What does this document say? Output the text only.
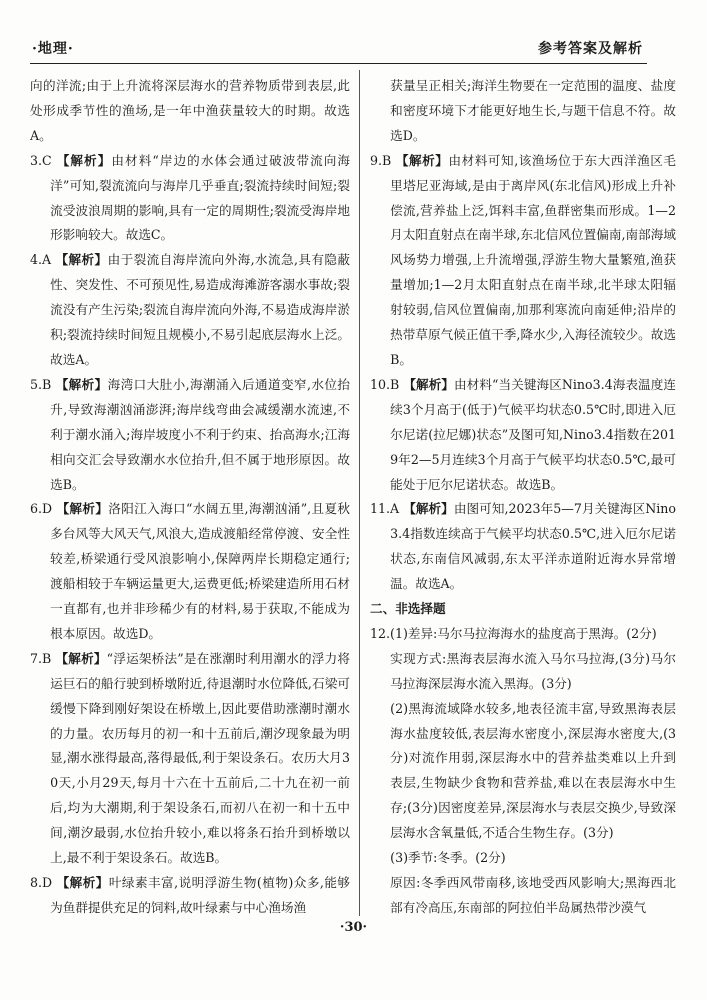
·地理·	参考答案及解析

向的洋流;由于上升流将深层海水的营养物质带到表层,此处形成季节性的渔场,是一年中渔获量较大的时期。故选A。

3.C 【解析】由材料“岸边的水体会通过破波带流向海洋”可知,裂流流向与海岸几乎垂直;裂流持续时间短;裂流受波浪周期的影响,具有一定的周期性;裂流受海岸地形影响较大。故选C。

4.A 【解析】由于裂流自海岸流向外海,水流急,具有隐蔽性、突发性、不可预见性,易造成海滩游客溺水事故;裂流没有产生污染;裂流自海岸流向外海,不易造成海岸淤积;裂流持续时间短且规模小,不易引起底层海水上泛。故选A。

5.B 【解析】海湾口大肚小,海潮涌入后通道变窄,水位抬升,导致海潮汹涌澎湃;海岸线弯曲会减缓潮水流速,不利于潮水涌入;海岸坡度小不利于约束、抬高海水;江海相向交汇会导致潮水水位抬升,但不属于地形原因。故选B。

6.D 【解析】洛阳江入海口“水阔五里,海潮汹涌”,且夏秋多台风等大风天气,风浪大,造成渡船经常停渡、安全性较差,桥梁通行受风浪影响小,保障两岸长期稳定通行;渡船相较于车辆运量更大,运费更低;桥梁建造所用石材一直都有,也并非珍稀少有的材料,易于获取,不能成为根本原因。故选D。

7.B 【解析】“浮运架桥法”是在涨潮时利用潮水的浮力将运巨石的船行驶到桥墩附近,待退潮时水位降低,石梁可缓慢下降到刚好架设在桥墩上,因此要借助涨潮时潮水的力量。农历每月的初一和十五前后,潮汐现象最为明显,潮水涨得最高,落得最低,利于架设条石。农历大月30天,小月29天,每月十六在十五前后,二十九在初一前后,均为大潮期,利于架设条石,而初八在初一和十五中间,潮汐最弱,水位抬升较小,难以将条石抬升到桥墩以上,最不利于架设条石。故选B。

8.D 【解析】叶绿素丰富,说明浮游生物(植物)众多,能够为鱼群提供充足的饲料,故叶绿素与中心渔场渔

获量呈正相关;海洋生物要在一定范围的温度、盐度和密度环境下才能更好地生长,与题干信息不符。故选D。

9.B 【解析】由材料可知,该渔场位于东大西洋渔区毛里塔尼亚海域,是由于离岸风(东北信风)形成上升补偿流,营养盐上泛,饵料丰富,鱼群密集而形成。1—2月太阳直射点在南半球,东北信风位置偏南,南部海域风场势力增强,上升流增强,浮游生物大量繁殖,渔获量增加;1—2月太阳直射点在南半球,北半球太阳辐射较弱,信风位置偏南,加那利寒流向南延伸;沿岸的热带草原气候正值干季,降水少,入海径流较少。故选B。

10.B 【解析】由材料“当关键海区Nino3.4海表温度连续3个月高于(低于)气候平均状态0.5℃时,即进入厄尔尼诺(拉尼娜)状态”及图可知,Nino3.4指数在2019年2—5月连续3个月高于气候平均状态0.5℃,最可能处于厄尔尼诺状态。故选B。

11.A 【解析】由图可知,2023年5—7月关键海区Nino3.4指数连续高于气候平均状态0.5℃,进入厄尔尼诺状态,东南信风减弱,东太平洋赤道附近海水异常增温。故选A。

二、非选择题

12.(1)差异:马尔马拉海海水的盐度高于黑海。(2分)

实现方式:黑海表层海水流入马尔马拉海,(3分)马尔马拉海深层海水流入黑海。(3分)

(2)黑海流域降水较多,地表径流丰富,导致黑海表层海水盐度较低,表层海水密度小,深层海水密度大,(3分)对流作用弱,深层海水中的营养盐类难以上升到表层,生物缺少食物和营养盐,难以在表层海水中生存;(3分)因密度差异,深层海水与表层交换少,导致深层海水含氧量低,不适合生物生存。(3分)

(3)季节:冬季。(2分)

原因:冬季西风带南移,该地受西风影响大;黑海西北部有冷高压,东南部的阿拉伯半岛属热带沙漠气

·30·
